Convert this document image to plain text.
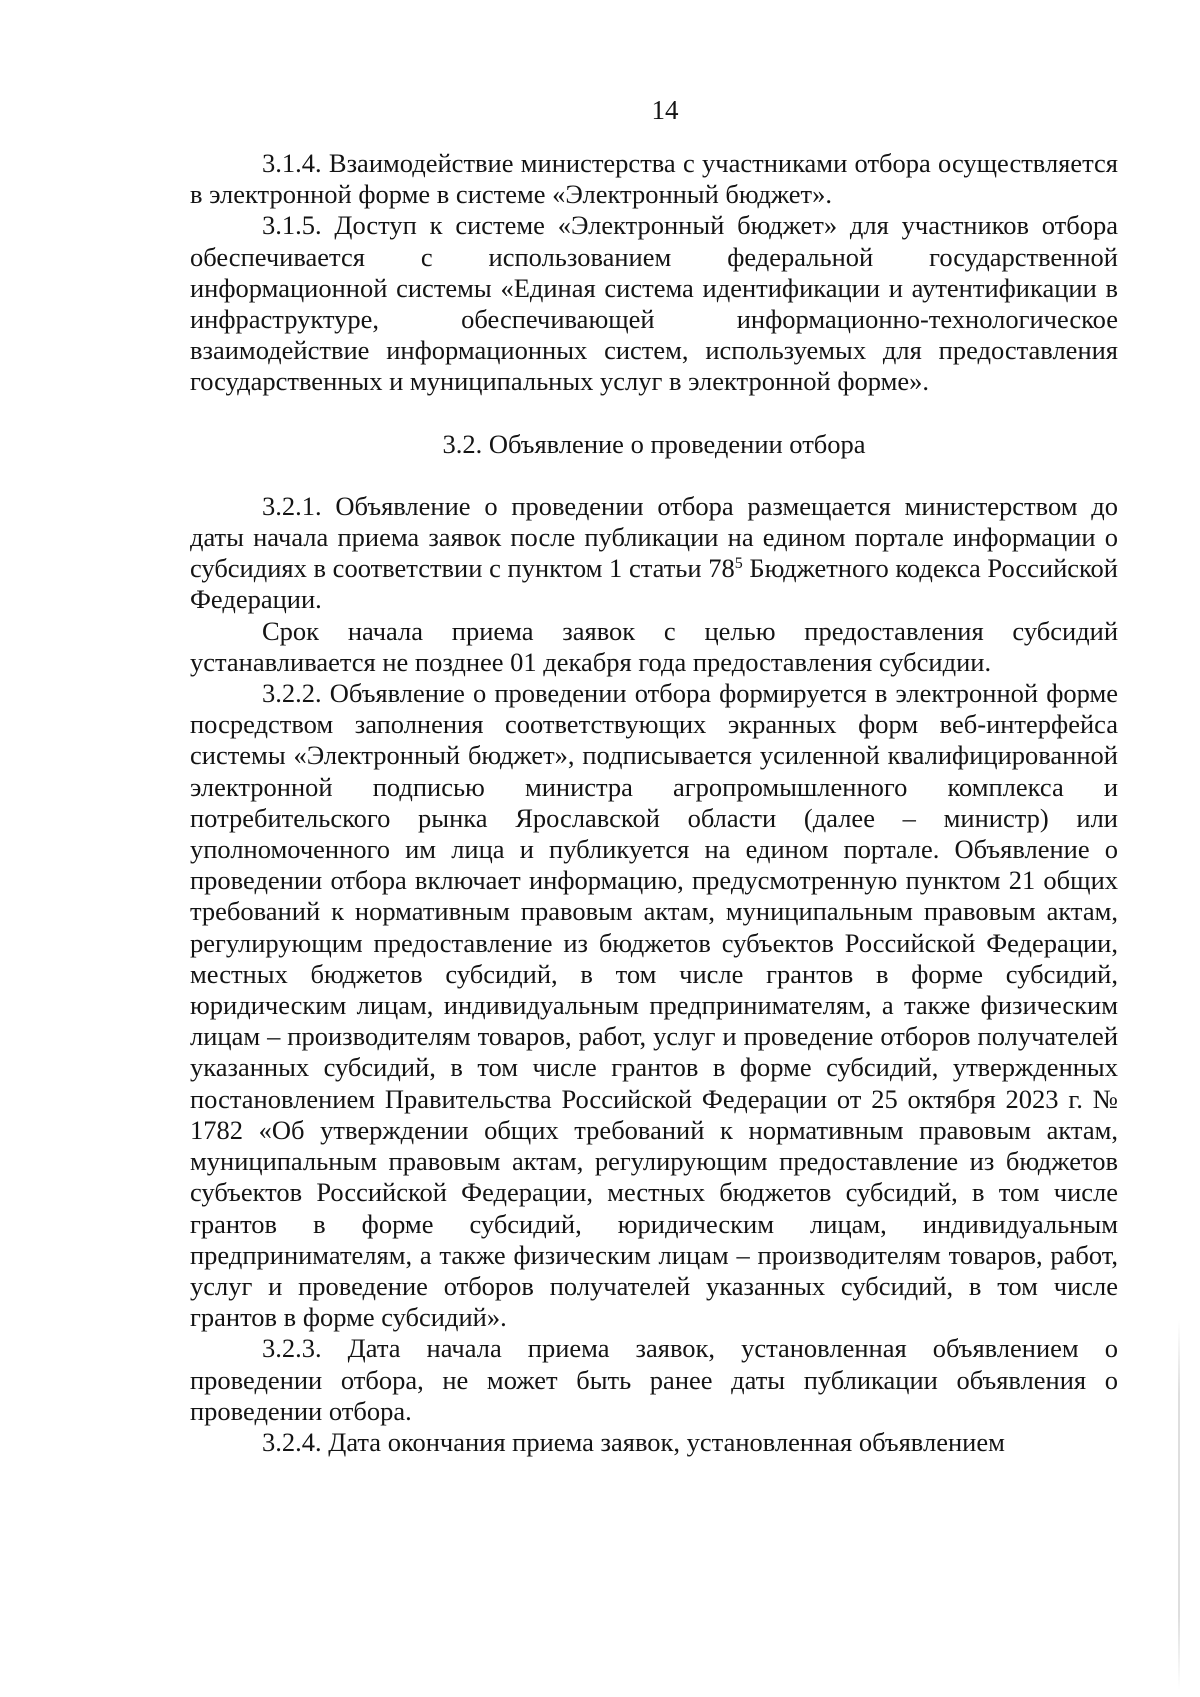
14

3.1.4. Взаимодействие министерства с участниками отбора осуществляется в электронной форме в системе «Электронный бюджет».

3.1.5. Доступ к системе «Электронный бюджет» для участников отбора обеспечивается с использованием федеральной государственной информационной системы «Единая система идентификации и аутентификации в инфраструктуре, обеспечивающей информационно-технологическое взаимодействие информационных систем, используемых для предоставления государственных и муниципальных услуг в электронной форме».

3.2. Объявление о проведении отбора

3.2.1. Объявление о проведении отбора размещается министерством до даты начала приема заявок после публикации на едином портале информации о субсидиях в соответствии с пунктом 1 статьи $78^5$ Бюджетного кодекса Российской Федерации.

Срок начала приема заявок с целью предоставления субсидий устанавливается не позднее 01 декабря года предоставления субсидии.

3.2.2. Объявление о проведении отбора формируется в электронной форме посредством заполнения соответствующих экранных форм веб-интерфейса системы «Электронный бюджет», подписывается усиленной квалифицированной электронной подписью министра агропромышленного комплекса и потребительского рынка Ярославской области (далее – министр) или уполномоченного им лица и публикуется на едином портале. Объявление о проведении отбора включает информацию, предусмотренную пунктом 21 общих требований к нормативным правовым актам, муниципальным правовым актам, регулирующим предоставление из бюджетов субъектов Российской Федерации, местных бюджетов субсидий, в том числе грантов в форме субсидий, юридическим лицам, индивидуальным предпринимателям, а также физическим лицам – производителям товаров, работ, услуг и проведение отборов получателей указанных субсидий, в том числе грантов в форме субсидий, утвержденных постановлением Правительства Российской Федерации от 25 октября 2023 г. № 1782 «Об утверждении общих требований к нормативным правовым актам, муниципальным правовым актам, регулирующим предоставление из бюджетов субъектов Российской Федерации, местных бюджетов субсидий, в том числе грантов в форме субсидий, юридическим лицам, индивидуальным предпринимателям, а также физическим лицам – производителям товаров, работ, услуг и проведение отборов получателей указанных субсидий, в том числе грантов в форме субсидий».

3.2.3. Дата начала приема заявок, установленная объявлением о проведении отбора, не может быть ранее даты публикации объявления о проведении отбора.

3.2.4. Дата окончания приема заявок, установленная объявлением
